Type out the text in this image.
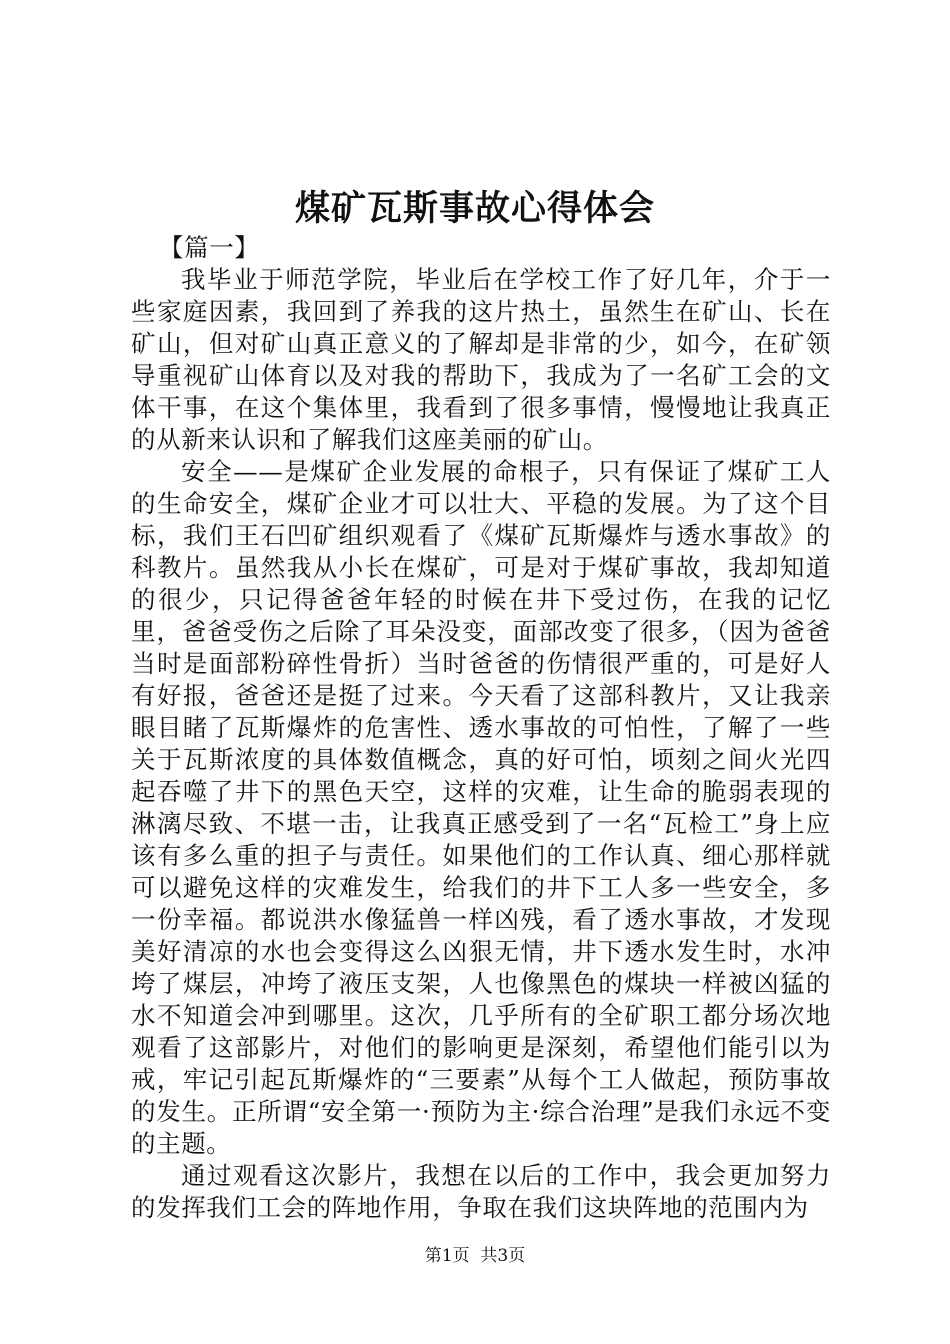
煤矿瓦斯事故心得体会

【篇一】

我毕业于师范学院，毕业后在学校工作了好几年，介于一些家庭因素，我回到了养我的这片热土，虽然生在矿山、长在矿山，但对矿山真正意义的了解却是非常的少，如今，在矿领导重视矿山体育以及对我的帮助下，我成为了一名矿工会的文体干事，在这个集体里，我看到了很多事情，慢慢地让我真正的从新来认识和了解我们这座美丽的矿山。

安全——是煤矿企业发展的命根子，只有保证了煤矿工人的生命安全，煤矿企业才可以壮大、平稳的发展。为了这个目标，我们王石凹矿组织观看了《煤矿瓦斯爆炸与透水事故》的科教片。虽然我从小长在煤矿，可是对于煤矿事故，我却知道的很少，只记得爸爸年轻的时候在井下受过伤，在我的记忆里，爸爸受伤之后除了耳朵没变，面部改变了很多，（因为爸爸当时是面部粉碎性骨折）当时爸爸的伤情很严重的，可是好人有好报，爸爸还是挺了过来。今天看了这部科教片，又让我亲眼目睹了瓦斯爆炸的危害性、透水事故的可怕性，了解了一些关于瓦斯浓度的具体数值概念，真的好可怕，顷刻之间火光四起吞噬了井下的黑色天空，这样的灾难，让生命的脆弱表现的淋漓尽致、不堪一击，让我真正感受到了一名“瓦检工”身上应该有多么重的担子与责任。如果他们的工作认真、细心那样就可以避免这样的灾难发生，给我们的井下工人多一些安全，多一份幸福。都说洪水像猛兽一样凶残，看了透水事故，才发现美好清凉的水也会变得这么凶狠无情，井下透水发生时，水冲垮了煤层，冲垮了液压支架，人也像黑色的煤块一样被凶猛的水不知道会冲到哪里。这次，几乎所有的全矿职工都分场次地观看了这部影片，对他们的影响更是深刻，希望他们能引以为戒，牢记引起瓦斯爆炸的“三要素”从每个工人做起，预防事故的发生。正所谓“安全第一·预防为主·综合治理”是我们永远不变的主题。

通过观看这次影片，我想在以后的工作中，我会更加努力的发挥我们工会的阵地作用，争取在我们这块阵地的范围内为

第1页 共3页
